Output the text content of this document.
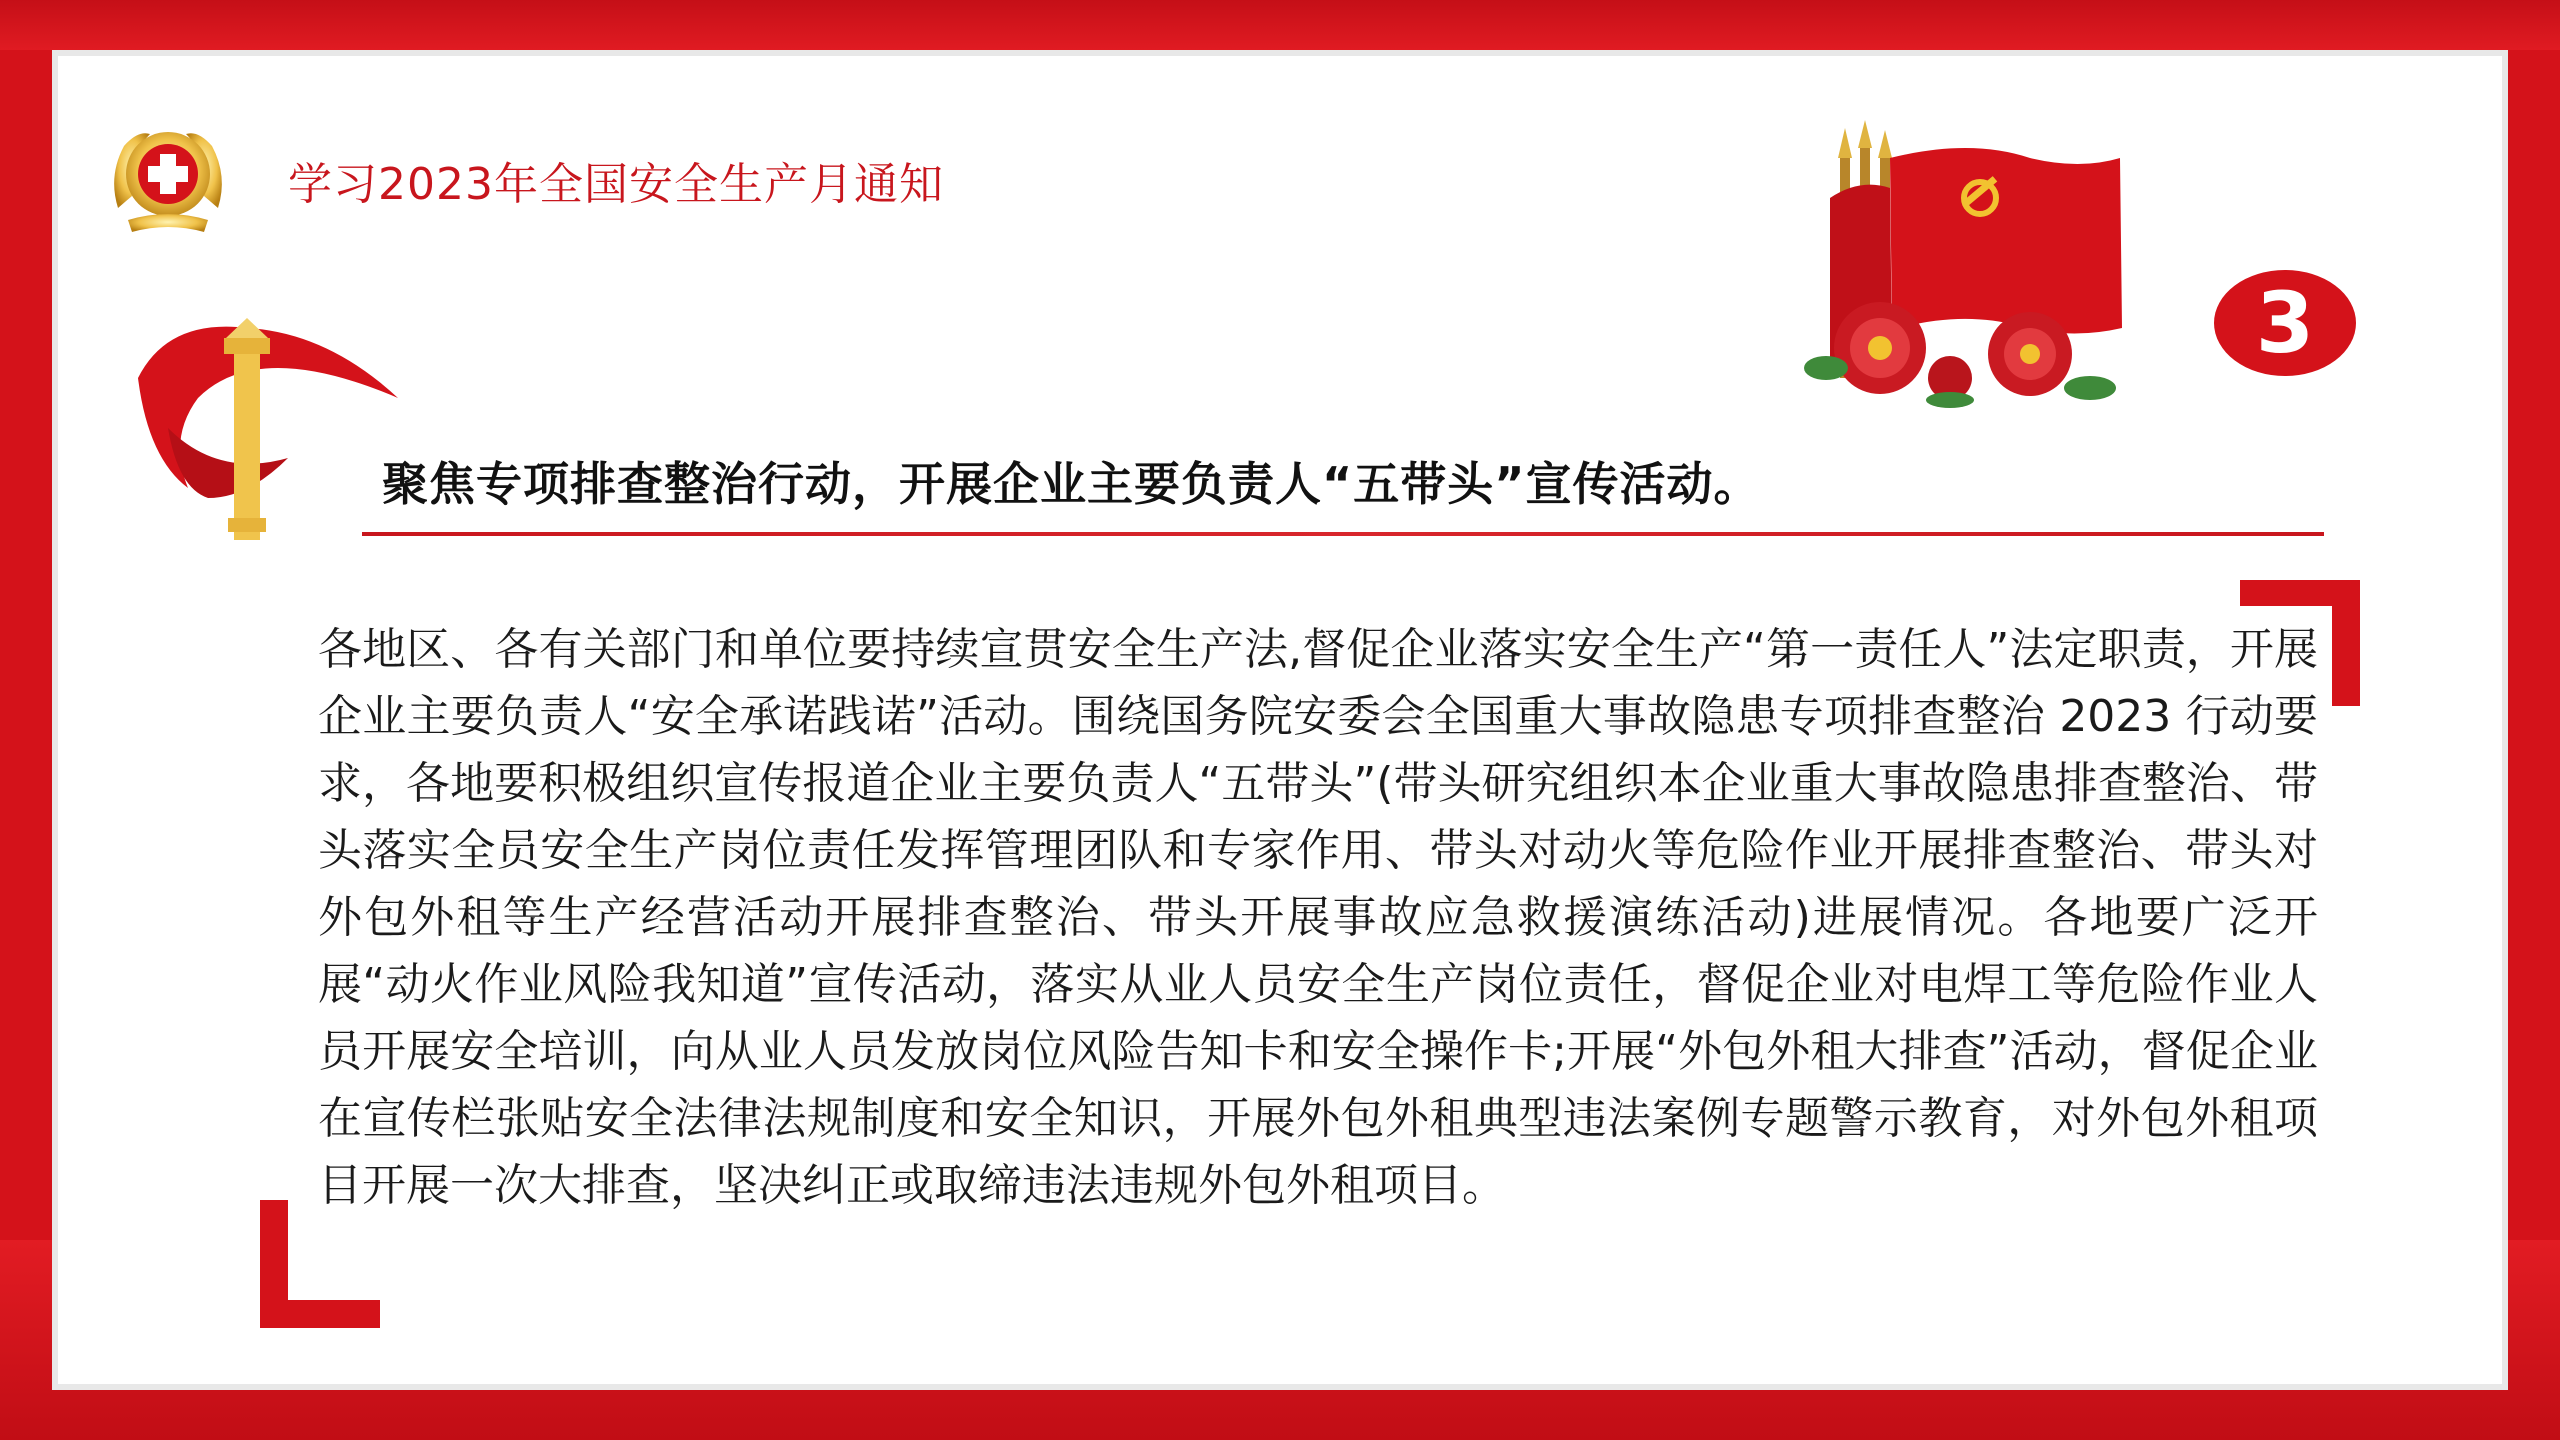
学习2023年全国安全生产月通知
3
聚焦专项排查整治行动，开展企业主要负责人“五带头”宣传活动。
各地区、各有关部门和单位要持续宣贯安全生产法,督促企业落实安全生产“第一责任人”法定职责，开展企业主要负责人“安全承诺践诺”活动。围绕国务院安委会全国重大事故隐患专项排查整治 2023 行动要求，各地要积极组织宣传报道企业主要负责人“五带头”(带头研究组织本企业重大事故隐患排查整治、带头落实全员安全生产岗位责任发挥管理团队和专家作用、带头对动火等危险作业开展排查整治、带头对外包外租等生产经营活动开展排查整治、带头开展事故应急救援演练活动)进展情况。各地要广泛开展“动火作业风险我知道”宣传活动，落实从业人员安全生产岗位责任，督促企业对电焊工等危险作业人员开展安全培训，向从业人员发放岗位风险告知卡和安全操作卡;开展“外包外租大排查”活动，督促企业在宣传栏张贴安全法律法规制度和安全知识，开展外包外租典型违法案例专题警示教育，对外包外租项目开展一次大排查，坚决纠正或取缔违法违规外包外租项目。
